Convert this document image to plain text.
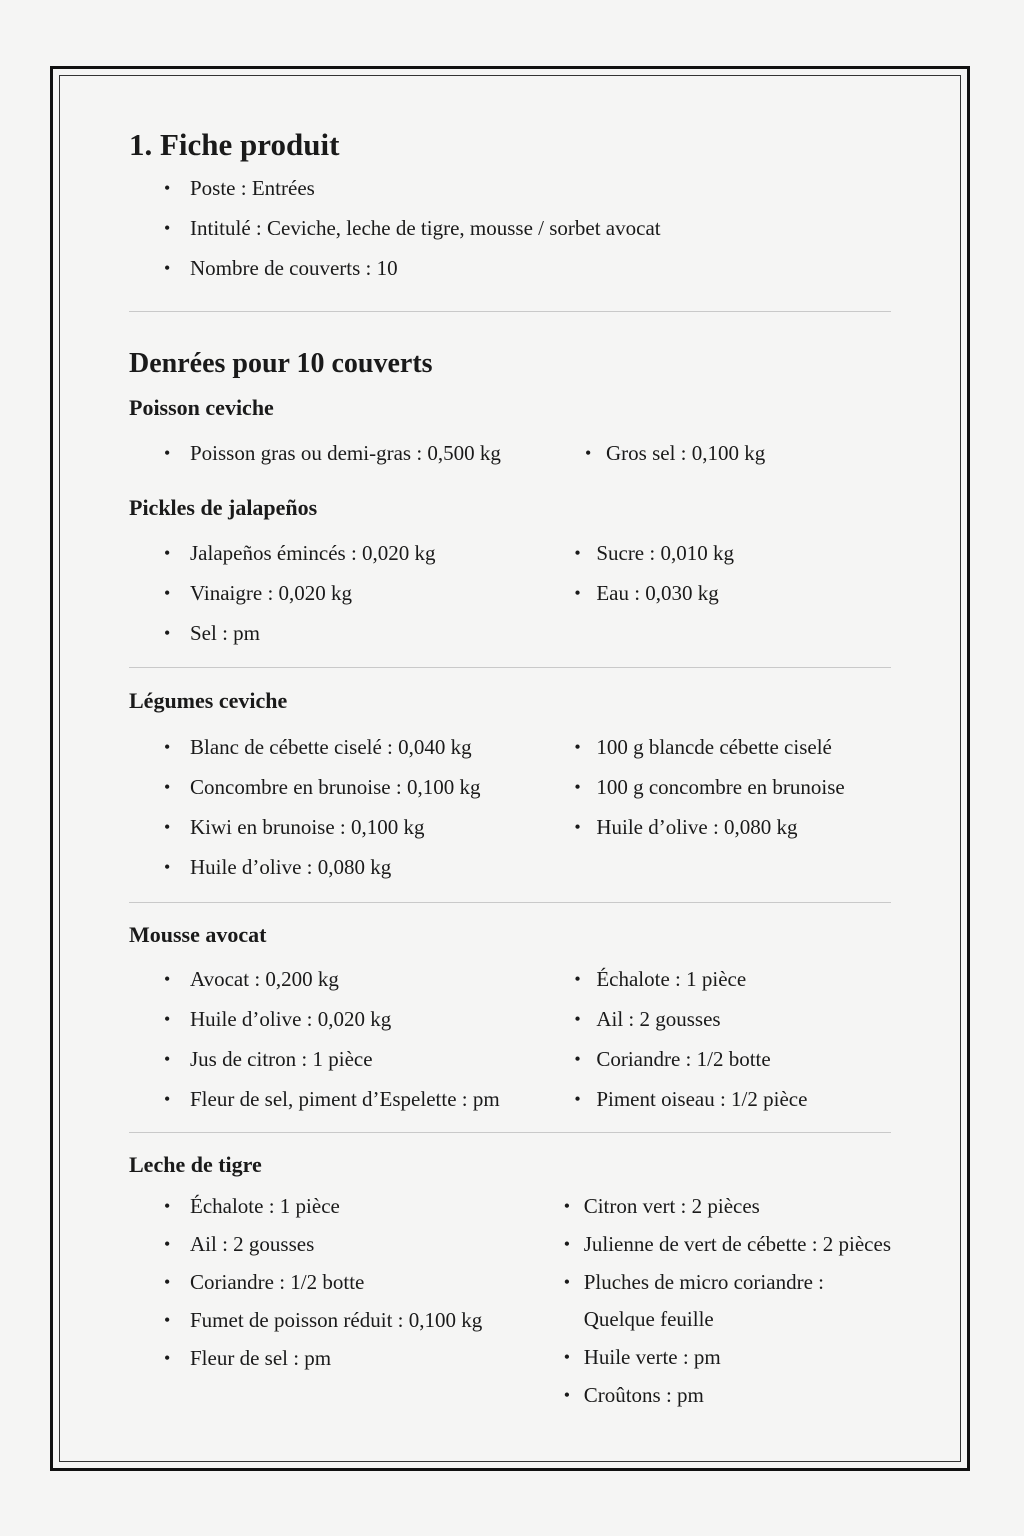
1. Fiche produit
• Poste : Entrées
• Intitulé : Ceviche, leche de tigre, mousse / sorbet avocat
• Nombre de couverts : 10
Denrées pour 10 couverts
Poisson ceviche
• Poisson gras ou demi-gras : 0,500 kg	• Gros sel : 0,100 kg
Pickles de jalapeños
• Jalapeños émincés : 0,020 kg
• Vinaigre : 0,020 kg
• Sel : pm
• Sucre : 0,010 kg
• Eau : 0,030 kg
Légumes ceviche
• Blanc de cébette ciselé : 0,040 kg
• Concombre en brunoise : 0,100 kg
• Kiwi en brunoise : 0,100 kg
• Huile d’olive : 0,080 kg
• 100 g blancde cébette ciselé
• 100 g concombre en brunoise
• Huile d’olive : 0,080 kg
Mousse avocat
• Avocat : 0,200 kg
• Huile d’olive : 0,020 kg
• Jus de citron : 1 pièce
• Fleur de sel, piment d’Espelette : pm
• Échalote : 1 pièce
• Ail : 2 gousses
• Coriandre : 1/2 botte
• Piment oiseau : 1/2 pièce
Leche de tigre
• Échalote : 1 pièce
• Ail : 2 gousses
• Coriandre : 1/2 botte
• Fumet de poisson réduit : 0,100 kg
• Fleur de sel : pm
• Citron vert : 2 pièces
• Julienne de vert de cébette : 2 pièces
• Pluches de micro coriandre :
Quelque feuille
• Huile verte : pm
• Croûtons : pm
